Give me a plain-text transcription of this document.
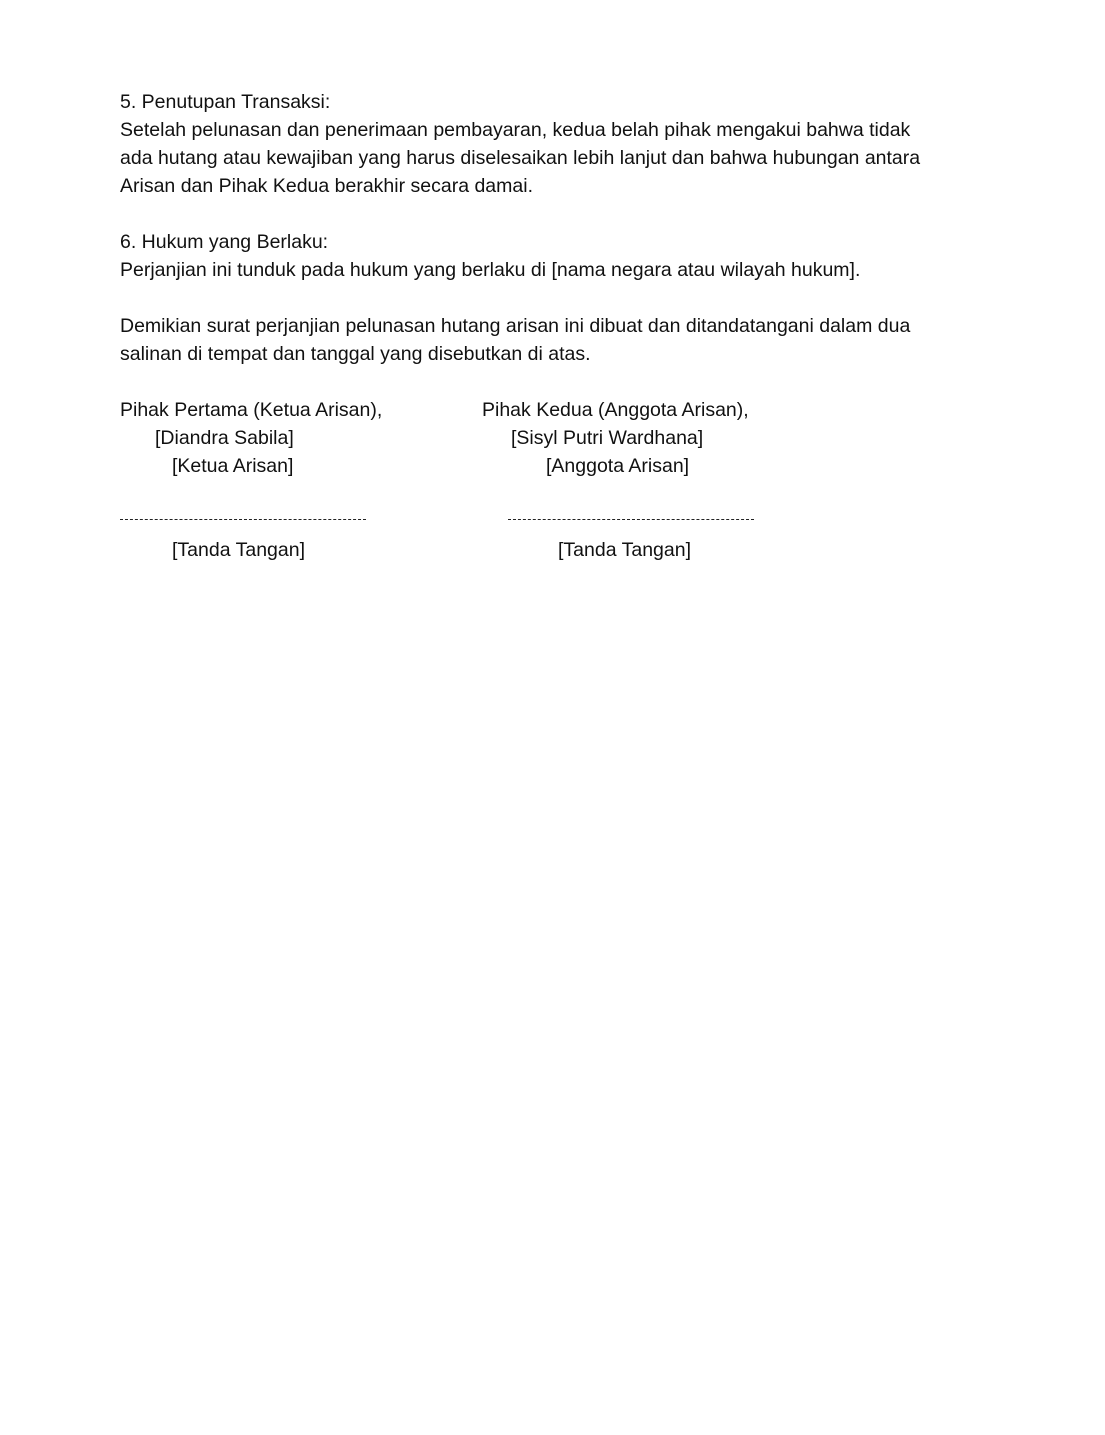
5. Penutupan Transaksi:
Setelah pelunasan dan penerimaan pembayaran, kedua belah pihak mengakui bahwa tidak
ada hutang atau kewajiban yang harus diselesaikan lebih lanjut dan bahwa hubungan antara
Arisan dan Pihak Kedua berakhir secara damai.
6. Hukum yang Berlaku:
Perjanjian ini tunduk pada hukum yang berlaku di [nama negara atau wilayah hukum].
Demikian surat perjanjian pelunasan hutang arisan ini dibuat dan ditandatangani dalam dua
salinan di tempat dan tanggal yang disebutkan di atas.
Pihak Pertama (Ketua Arisan),
[Diandra Sabila]
[Ketua Arisan]
[Tanda Tangan]
Pihak Kedua (Anggota Arisan),
[Sisyl Putri Wardhana]
[Anggota Arisan]
[Tanda Tangan]
